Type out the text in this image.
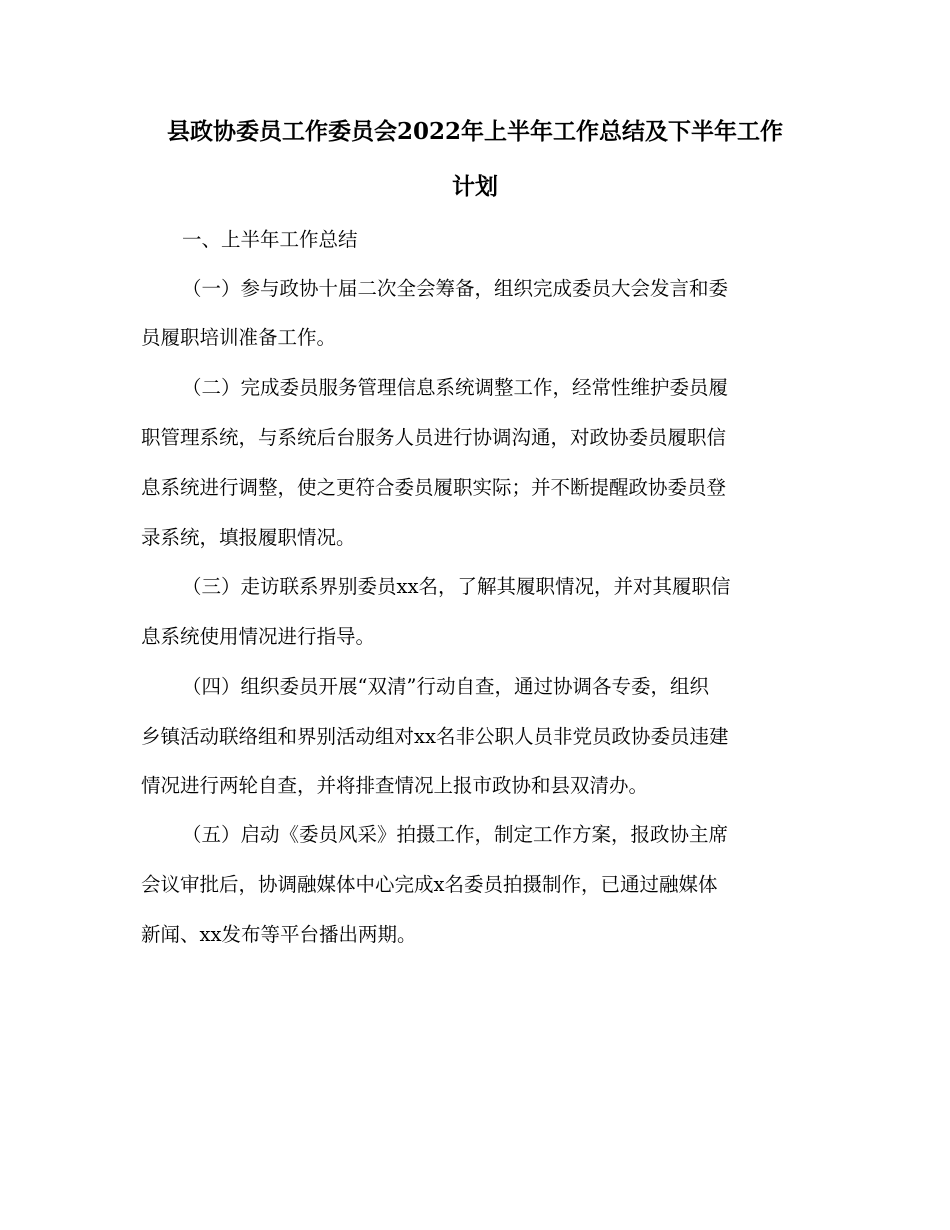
县政协委员工作委员会2022年上半年工作总结及下半年工作
计划
一、上半年工作总结

（一）参与政协十届二次全会筹备，组织完成委员大会发言和委

员履职培训准备工作。

（二）完成委员服务管理信息系统调整工作，经常性维护委员履

职管理系统，与系统后台服务人员进行协调沟通，对政协委员履职信

息系统进行调整，使之更符合委员履职实际；并不断提醒政协委员登

录系统，填报履职情况。

（三）走访联系界别委员xx名，了解其履职情况，并对其履职信

息系统使用情况进行指导。

（四）组织委员开展“双清”行动自查，通过协调各专委，组织

乡镇活动联络组和界别活动组对xx名非公职人员非党员政协委员违建

情况进行两轮自查，并将排查情况上报市政协和县双清办。

（五）启动《委员风采》拍摄工作，制定工作方案，报政协主席

会议审批后，协调融媒体中心完成x名委员拍摄制作，已通过融媒体

新闻、xx发布等平台播出两期。
